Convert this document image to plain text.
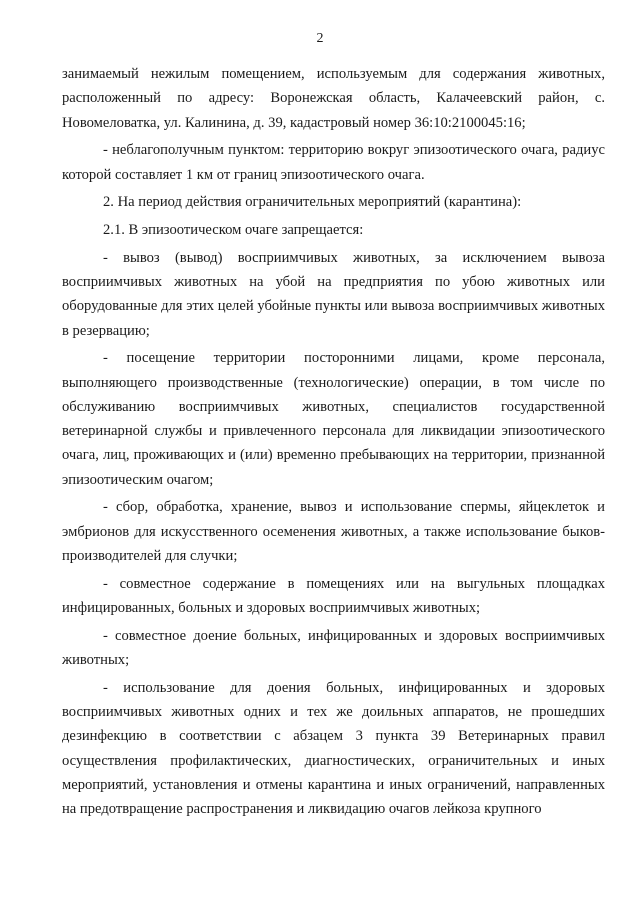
2

занимаемый нежилым помещением, используемым для содержания животных, расположенный по адресу: Воронежская область, Калачеевский район, с. Новомеловатка, ул. Калинина, д. 39, кадастровый номер 36:10:2100045:16;

- неблагополучным пунктом: территорию вокруг эпизоотического очага, радиус которой составляет 1 км от границ эпизоотического очага.

2. На период действия ограничительных мероприятий (карантина):

2.1. В эпизоотическом очаге запрещается:

- вывоз (вывод) восприимчивых животных, за исключением вывоза восприимчивых животных на убой на предприятия по убою животных или оборудованные для этих целей убойные пункты или вывоза восприимчивых животных в резервацию;

- посещение территории посторонними лицами, кроме персонала, выполняющего производственные (технологические) операции, в том числе по обслуживанию восприимчивых животных, специалистов государственной ветеринарной службы и привлеченного персонала для ликвидации эпизоотического очага, лиц, проживающих и (или) временно пребывающих на территории, признанной эпизоотическим очагом;

- сбор, обработка, хранение, вывоз и использование спермы, яйцеклеток и эмбрионов для искусственного осеменения животных, а также использование быков-производителей для случки;

- совместное содержание в помещениях или на выгульных площадках инфицированных, больных и здоровых восприимчивых животных;

- совместное доение больных, инфицированных и здоровых восприимчивых животных;

- использование для доения больных, инфицированных и здоровых восприимчивых животных одних и тех же доильных аппаратов, не прошедших дезинфекцию в соответствии с абзацем 3 пункта 39 Ветеринарных правил осуществления профилактических, диагностических, ограничительных и иных мероприятий, установления и отмены карантина и иных ограничений, направленных на предотвращение распространения и ликвидацию очагов лейкоза крупного
